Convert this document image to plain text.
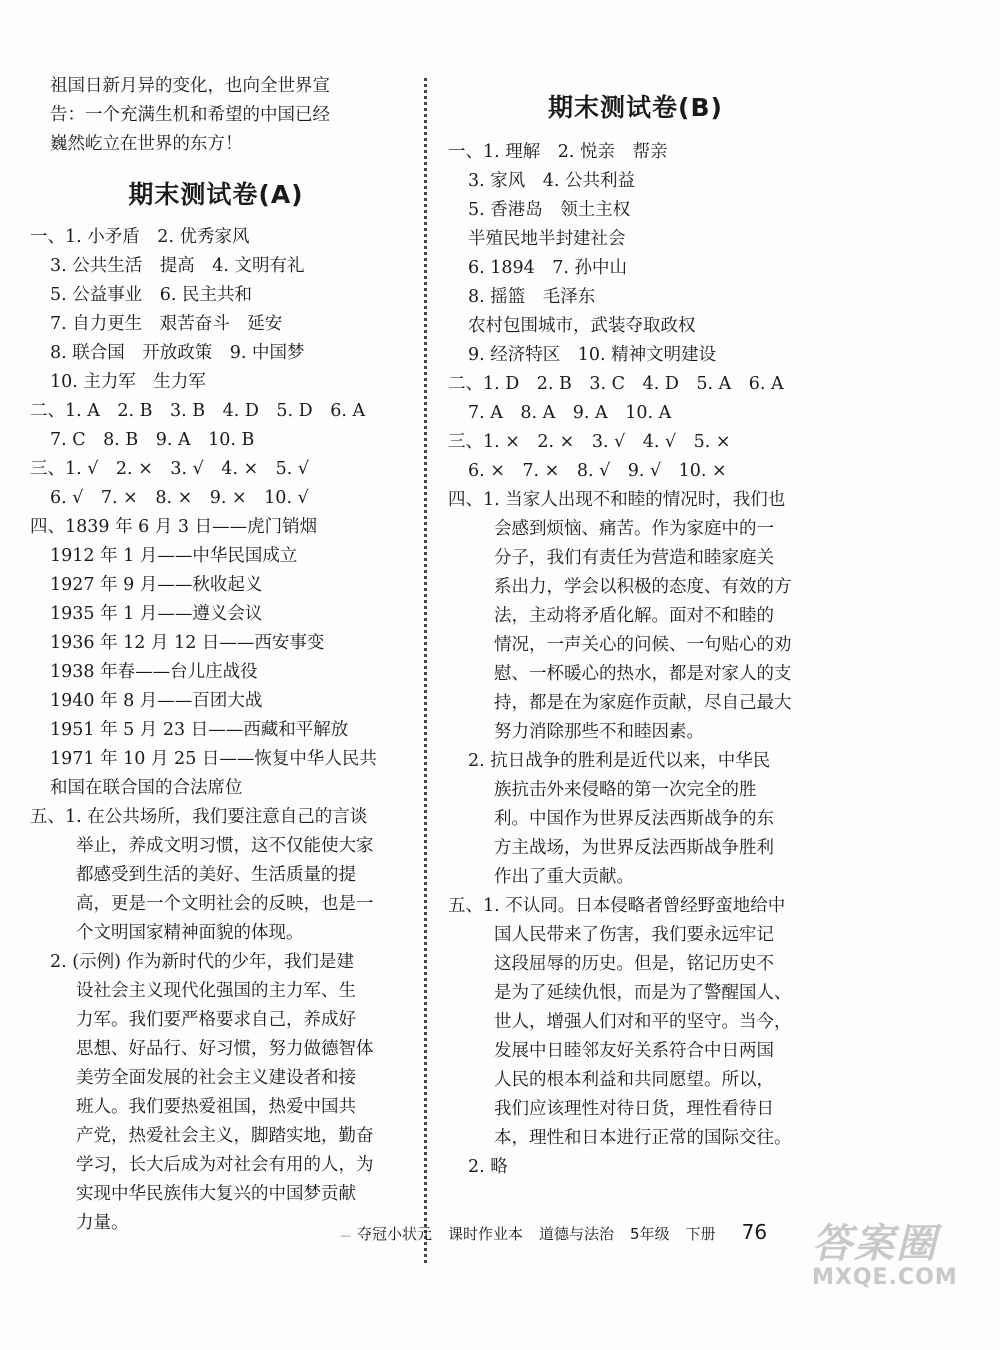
祖国日新月异的变化，也向全世界宣
告：一个充满生机和希望的中国已经
巍然屹立在世界的东方！
期末测试卷(A)
一、1. 小矛盾　2. 优秀家风
3. 公共生活　提高　4. 文明有礼
5. 公益事业　6. 民主共和
7. 自力更生　艰苦奋斗　延安
8. 联合国　开放政策　9. 中国梦
10. 主力军　生力军
二、1. A　2. B　3. B　4. D　5. D　6. A
7. C　8. B　9. A　10. B
三、1. √　2. ×　3. √　4. ×　5. √
6. √　7. ×　8. ×　9. ×　10. √
四、1839 年 6 月 3 日——虎门销烟
1912 年 1 月——中华民国成立
1927 年 9 月——秋收起义
1935 年 1 月——遵义会议
1936 年 12 月 12 日——西安事变
1938 年春——台儿庄战役
1940 年 8 月——百团大战
1951 年 5 月 23 日——西藏和平解放
1971 年 10 月 25 日——恢复中华人民共
和国在联合国的合法席位
五、1. 在公共场所，我们要注意自己的言谈
举止，养成文明习惯，这不仅能使大家
都感受到生活的美好、生活质量的提
高，更是一个文明社会的反映，也是一
个文明国家精神面貌的体现。
2. (示例) 作为新时代的少年，我们是建
设社会主义现代化强国的主力军、生
力军。我们要严格要求自己，养成好
思想、好品行、好习惯，努力做德智体
美劳全面发展的社会主义建设者和接
班人。我们要热爱祖国，热爱中国共
产党，热爱社会主义，脚踏实地，勤奋
学习，长大后成为对社会有用的人，为
实现中华民族伟大复兴的中国梦贡献
力量。
期末测试卷(B)
一、1. 理解　2. 悦亲　帮亲
3. 家风　4. 公共利益
5. 香港岛　领土主权
半殖民地半封建社会
6. 1894　7. 孙中山
8. 摇篮　毛泽东
农村包围城市，武装夺取政权
9. 经济特区　10. 精神文明建设
二、1. D　2. B　3. C　4. D　5. A　6. A
7. A　8. A　9. A　10. A
三、1. ×　2. ×　3. √　4. √　5. ×
6. ×　7. ×　8. √　9. √　10. ×
四、1. 当家人出现不和睦的情况时，我们也
会感到烦恼、痛苦。作为家庭中的一
分子，我们有责任为营造和睦家庭关
系出力，学会以积极的态度、有效的方
法，主动将矛盾化解。面对不和睦的
情况，一声关心的问候、一句贴心的劝
慰、一杯暖心的热水，都是对家人的支
持，都是在为家庭作贡献，尽自己最大
努力消除那些不和睦因素。
2. 抗日战争的胜利是近代以来，中华民
族抗击外来侵略的第一次完全的胜
利。中国作为世界反法西斯战争的东
方主战场，为世界反法西斯战争胜利
作出了重大贡献。
五、1. 不认同。日本侵略者曾经野蛮地给中
国人民带来了伤害，我们要永远牢记
这段屈辱的历史。但是，铭记历史不
是为了延续仇恨，而是为了警醒国人、
世人，增强人们对和平的坚守。当今，
发展中日睦邻友好关系符合中日两国
人民的根本利益和共同愿望。所以，
我们应该理性对待日货，理性看待日
本，理性和日本进行正常的国际交往。
2. 略
— 夺冠小状元 课时作业本 道德与法治 5年级 下册 76 答案圈
MXQE.COM
